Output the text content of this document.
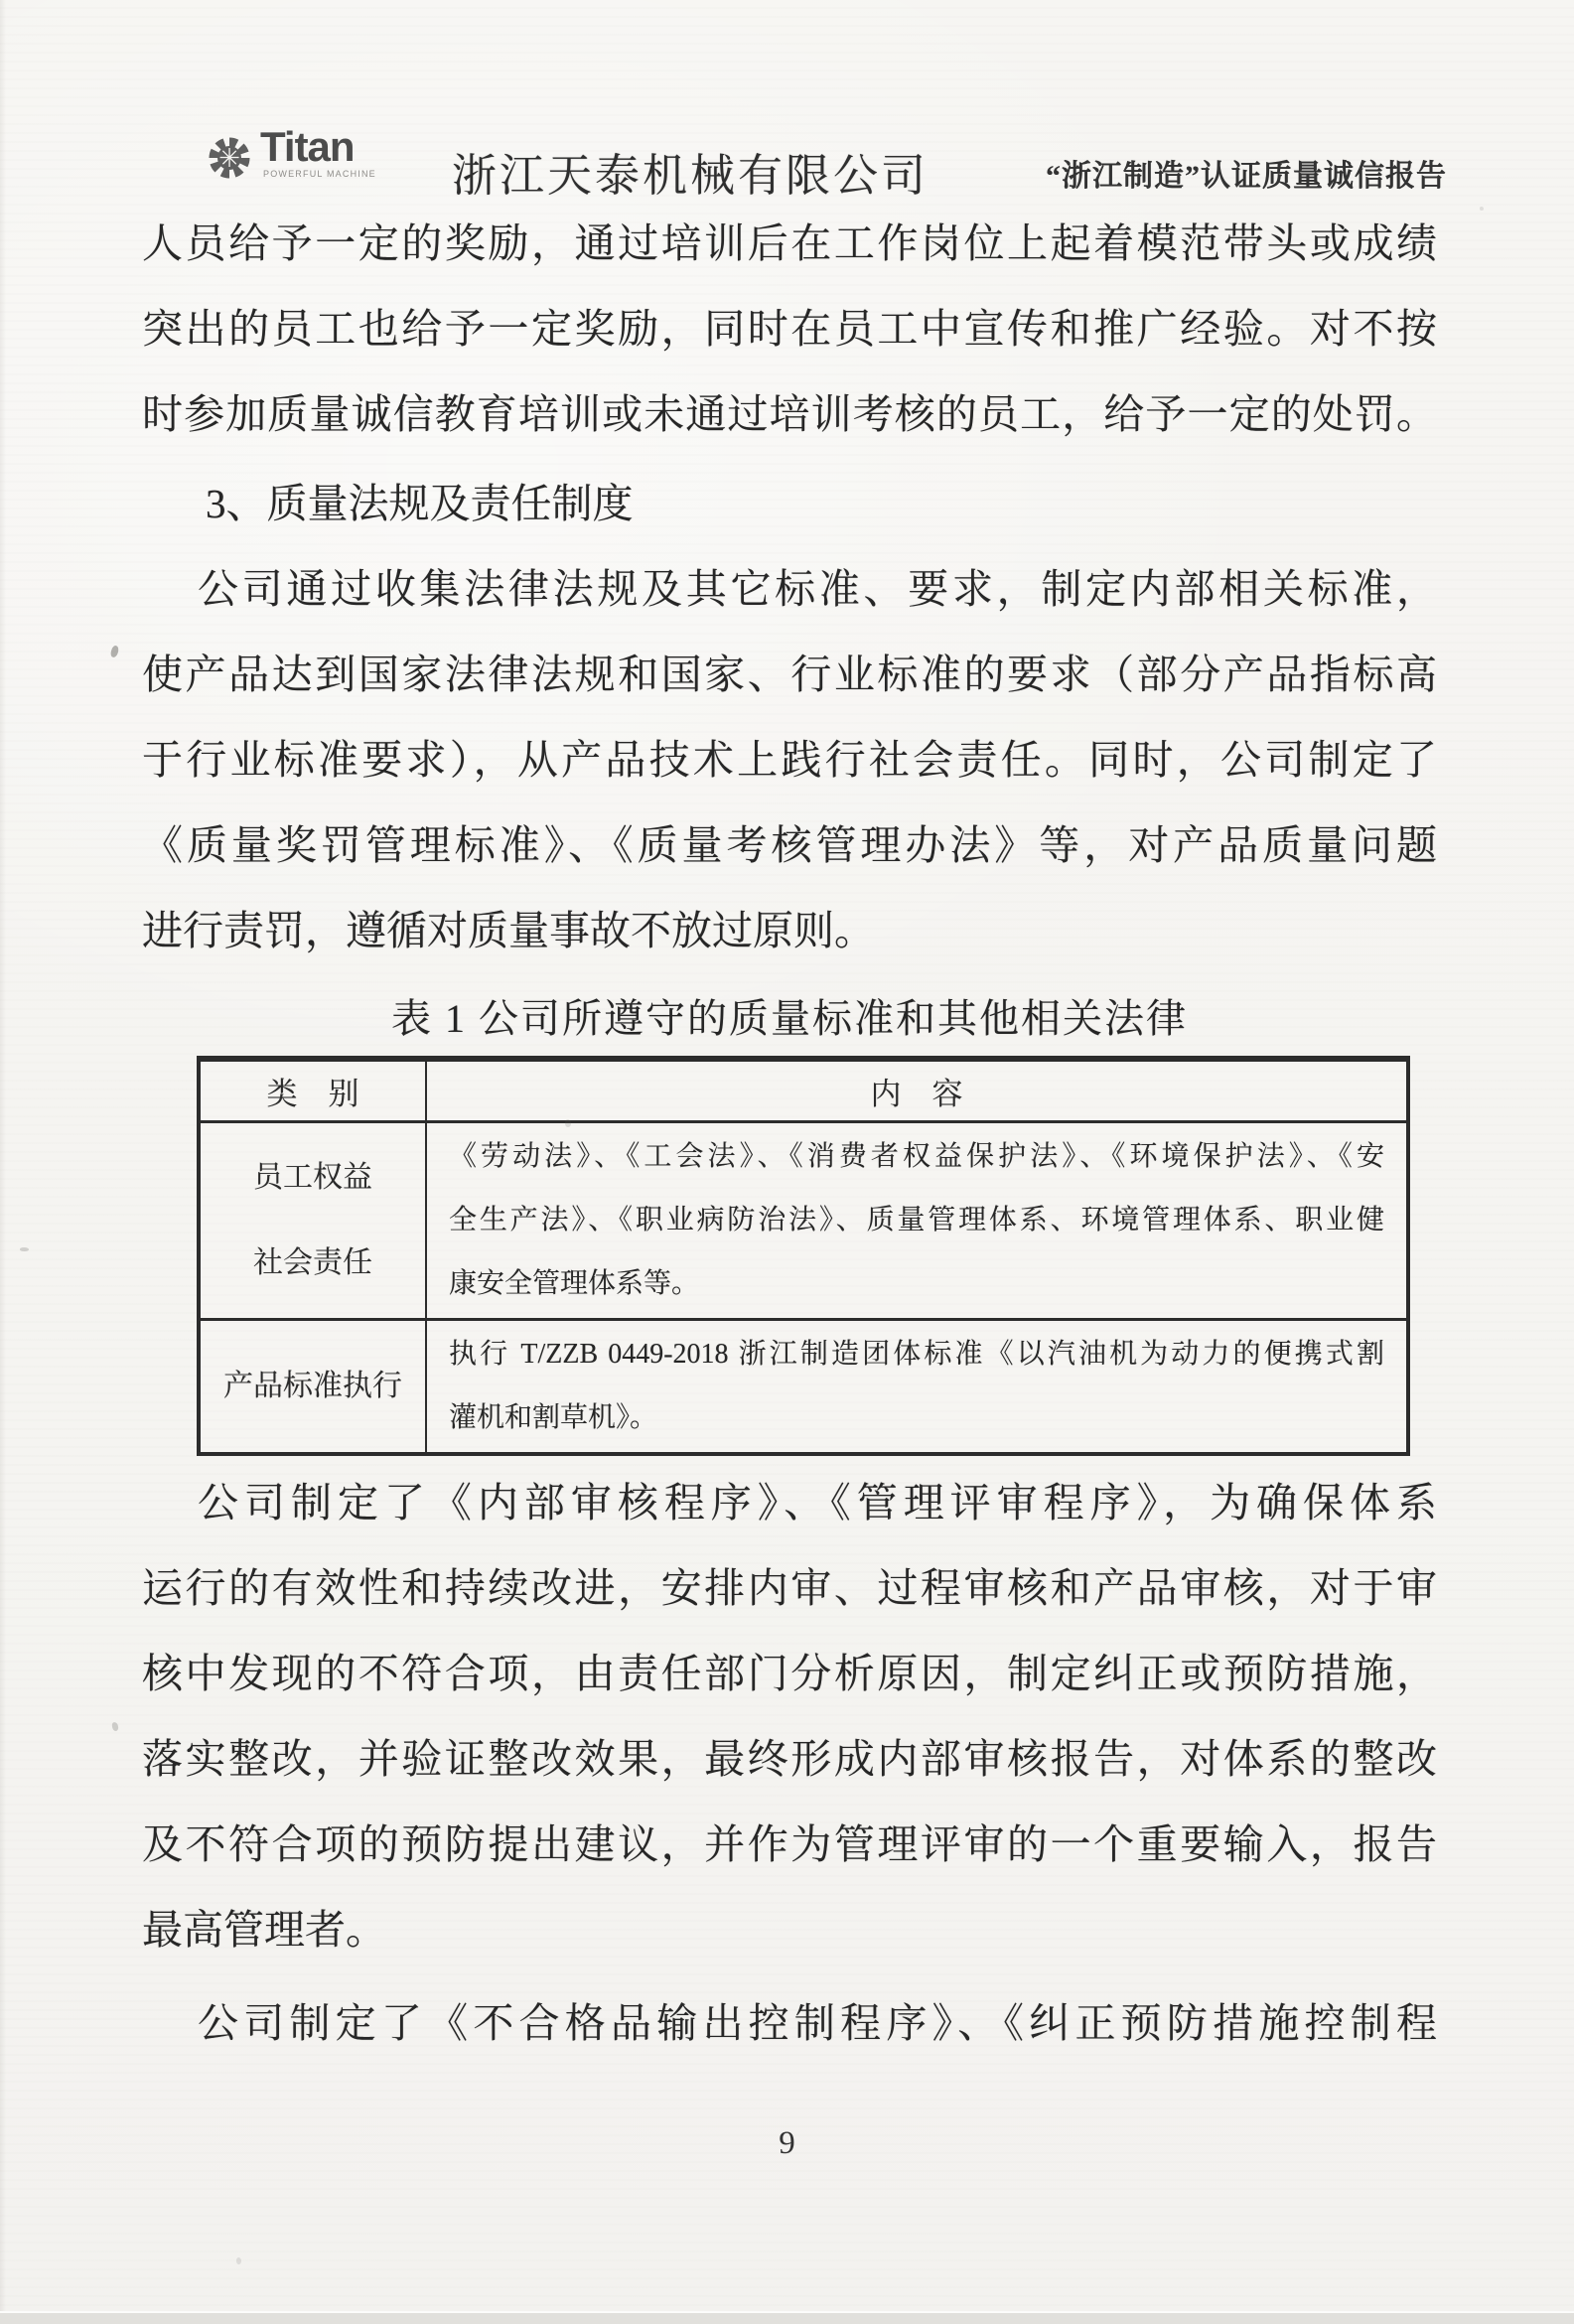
✳ Titan
POWERFUL MACHINE 浙江天泰机械有限公司	“浙江制造”认证质量诚信报告
人员给予一定的奖励，通过培训后在工作岗位上起着模范带头或成绩
突出的员工也给予一定奖励，同时在员工中宣传和推广经验。对不按
时参加质量诚信教育培训或未通过培训考核的员工，给予一定的处罚。
3、质量法规及责任制度
公司通过收集法律法规及其它标准、要求，制定内部相关标准，
使产品达到国家法律法规和国家、行业标准的要求（部分产品指标高
于行业标准要求），从产品技术上践行社会责任。同时，公司制定了
《质量奖罚管理标准》、《质量考核管理办法》等，对产品质量问题
进行责罚，遵循对质量事故不放过原则。
公司制定了《内部审核程序》、《管理评审程序》，为确保体系
运行的有效性和持续改进，安排内审、过程审核和产品审核，对于审
核中发现的不符合项，由责任部门分析原因，制定纠正或预防措施，
落实整改，并验证整改效果，最终形成内部审核报告，对体系的整改
及不符合项的预防提出建议，并作为管理评审的一个重要输入，报告
最高管理者。
公司制定了《不合格品输出控制程序》、《纠正预防措施控制程
表 1 公司所遵守的质量标准和其他相关法律
类　别	内　容
员工权益
社会责任
《劳动法》、《工会法》、《消费者权益保护法》、《环境保护法》、《安
全生产法》、《职业病防治法》、质量管理体系、环境管理体系、职业健
康安全管理体系等。
产品标准执行
执行 T/ZZB 0449-2018 浙江制造团体标准《以汽油机为动力的便携式割
灌机和割草机》。
9
